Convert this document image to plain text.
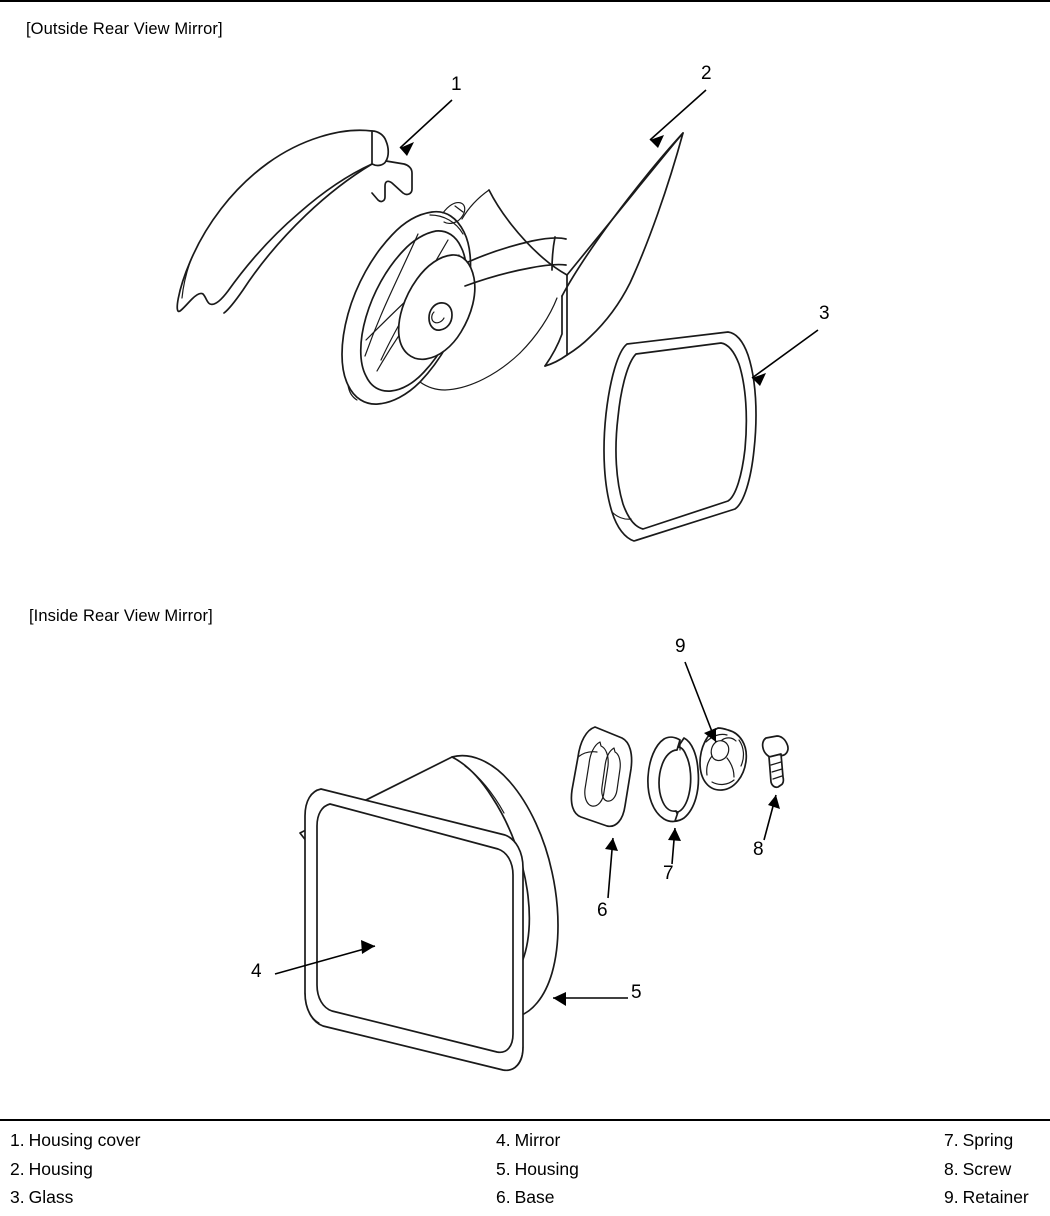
[Outside Rear View Mirror]
[Inside Rear View Mirror]
1
2
3
4
5
6
7
8
9
1. Housing cover
2. Housing
3. Glass
4. Mirror
5. Housing
6. Base
7. Spring
8. Screw
9. Retainer
